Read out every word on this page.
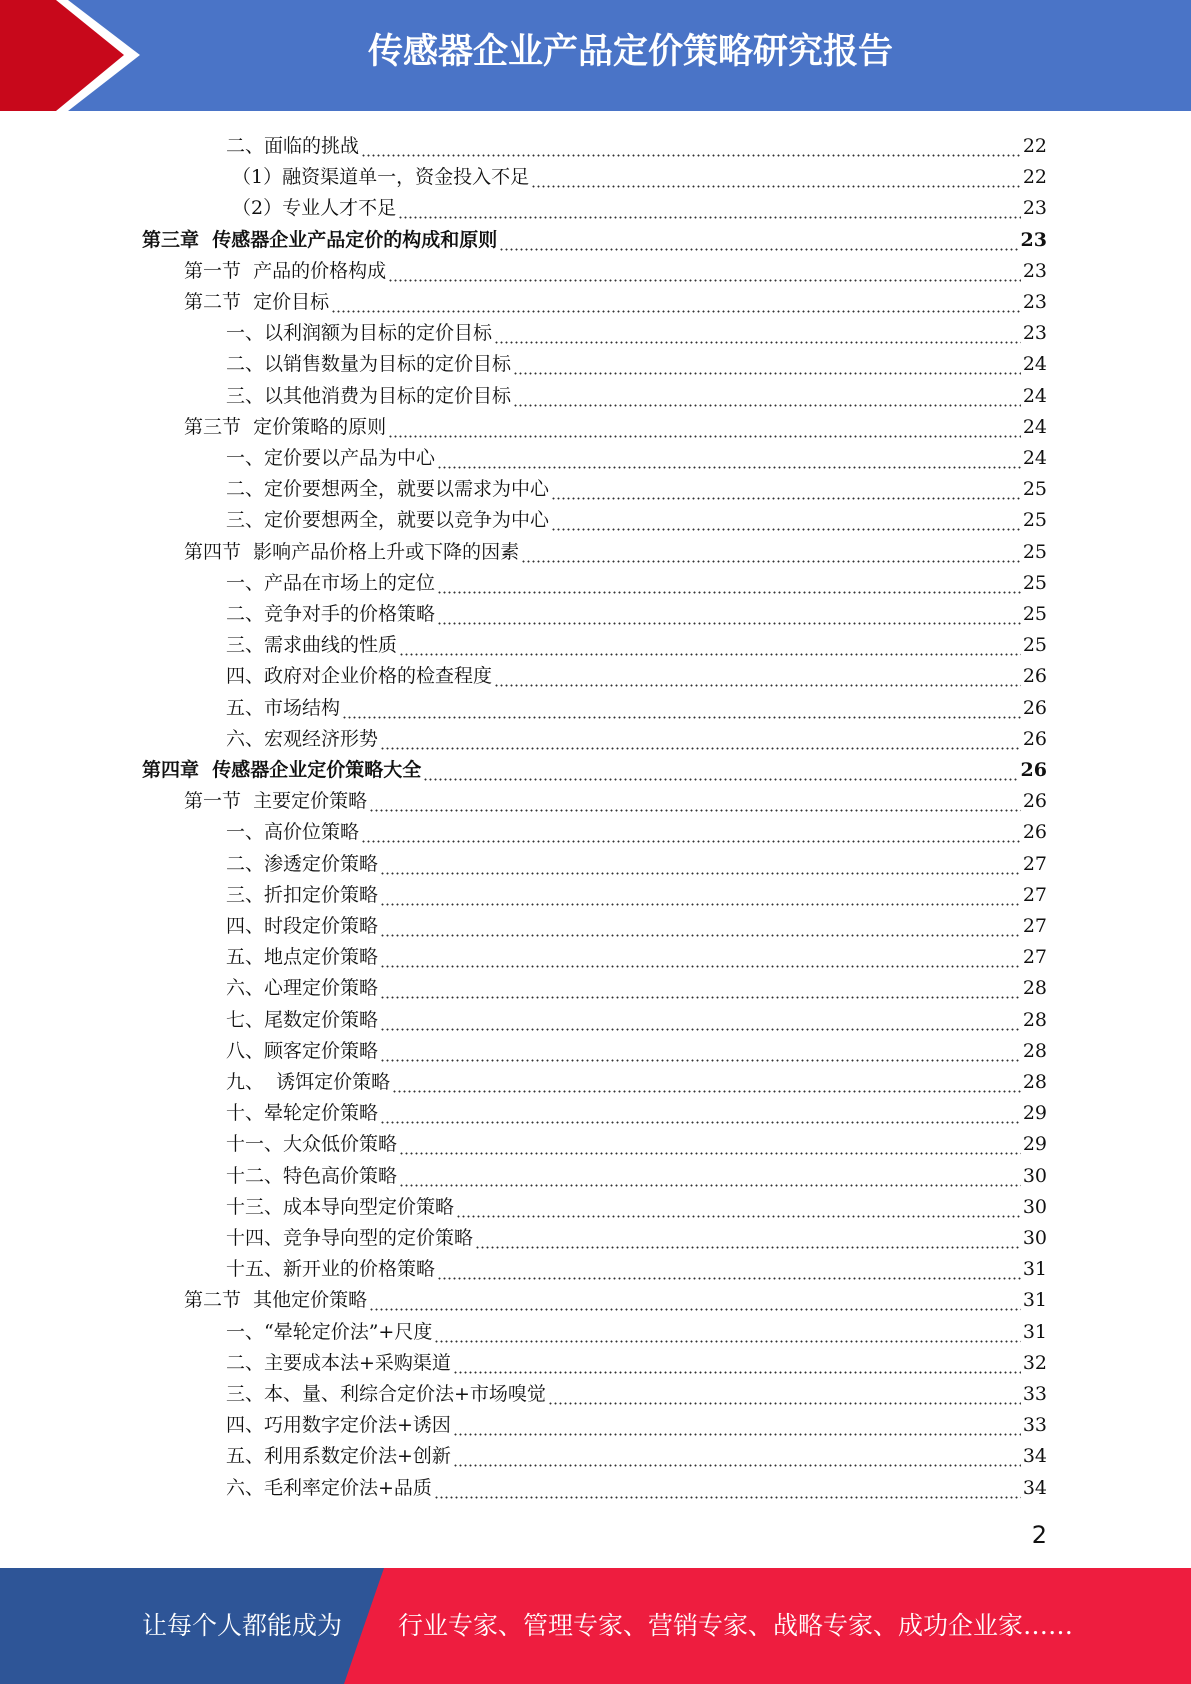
传感器企业产品定价策略研究报告
二、面临的挑战	22
（1）融资渠道单一，资金投入不足	22
（2）专业人才不足	23
第三章  传感器企业产品定价的构成和原则	23
第一节  产品的价格构成	23
第二节  定价目标	23
一、以利润额为目标的定价目标	23
二、以销售数量为目标的定价目标	24
三、以其他消费为目标的定价目标	24
第三节  定价策略的原则	24
一、定价要以产品为中心	24
二、定价要想两全，就要以需求为中心	25
三、定价要想两全，就要以竞争为中心	25
第四节  影响产品价格上升或下降的因素	25
一、产品在市场上的定位	25
二、竞争对手的价格策略	25
三、需求曲线的性质	25
四、政府对企业价格的检查程度	26
五、市场结构	26
六、宏观经济形势	26
第四章  传感器企业定价策略大全	26
第一节  主要定价策略	26
一、高价位策略	26
二、渗透定价策略	27
三、折扣定价策略	27
四、时段定价策略	27
五、地点定价策略	27
六、心理定价策略	28
七、尾数定价策略	28
八、顾客定价策略	28
九、  诱饵定价策略	28
十、晕轮定价策略	29
十一、大众低价策略	29
十二、特色高价策略	30
十三、成本导向型定价策略	30
十四、竞争导向型的定价策略	30
十五、新开业的价格策略	31
第二节  其他定价策略	31
一、“晕轮定价法”+尺度	31
二、主要成本法+采购渠道	32
三、本、量、利综合定价法+市场嗅觉	33
四、巧用数字定价法+诱因	33
五、利用系数定价法+创新	34
六、毛利率定价法+品质	34
2
让每个人都能成为 行业专家、管理专家、营销专家、战略专家、成功企业家……
